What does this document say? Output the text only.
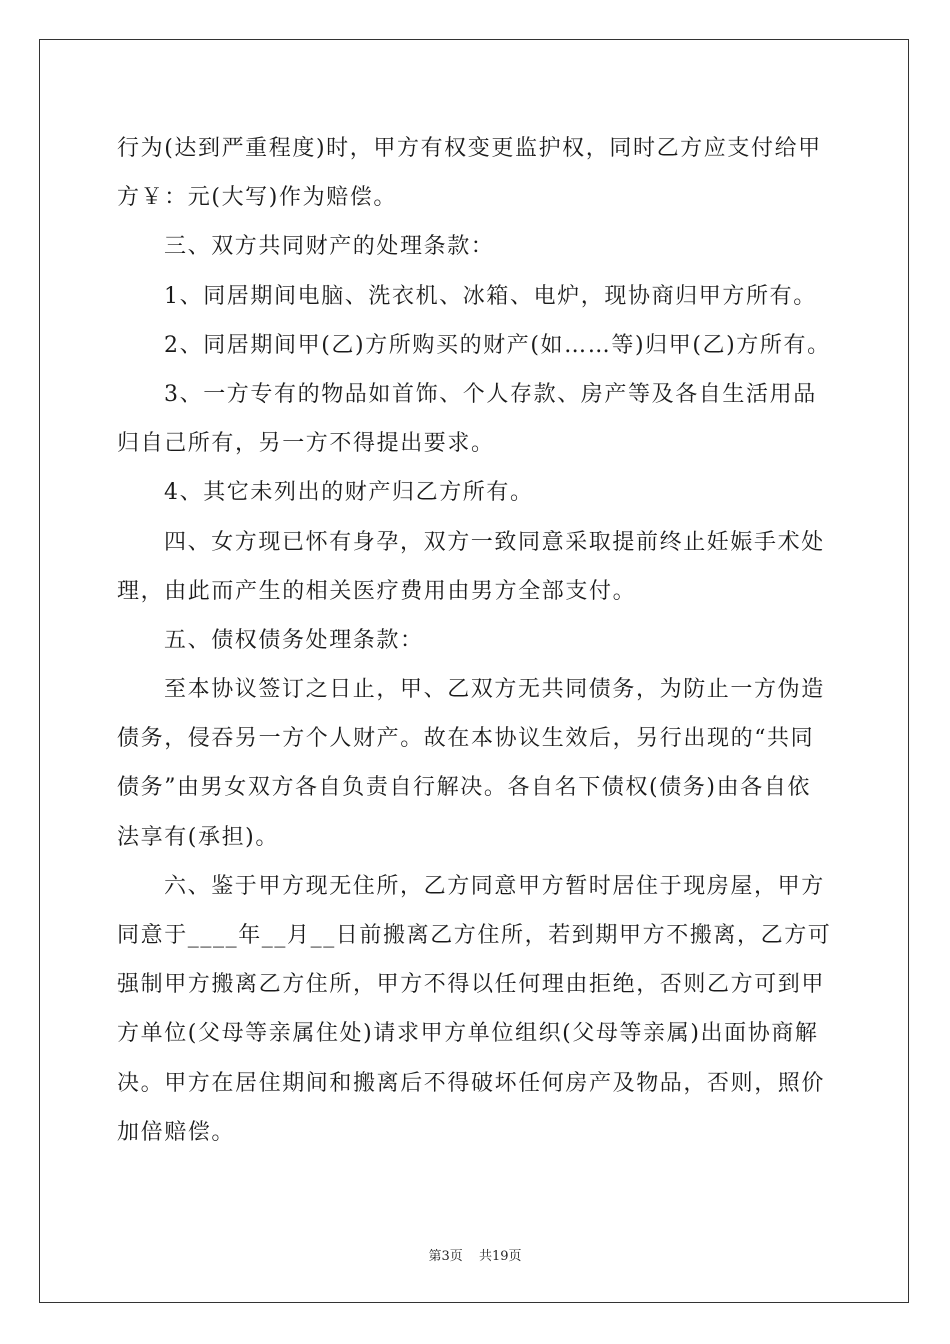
行为(达到严重程度)时，甲方有权变更监护权，同时乙方应支付给甲
方￥：元(大写)作为赔偿。
三、双方共同财产的处理条款：
1、同居期间电脑、洗衣机、冰箱、电炉，现协商归甲方所有。
2、同居期间甲(乙)方所购买的财产(如……等)归甲(乙)方所有。
3、一方专有的物品如首饰、个人存款、房产等及各自生活用品
归自己所有，另一方不得提出要求。
4、其它未列出的财产归乙方所有。
四、女方现已怀有身孕，双方一致同意采取提前终止妊娠手术处
理，由此而产生的相关医疗费用由男方全部支付。
五、债权债务处理条款：
至本协议签订之日止，甲、乙双方无共同债务，为防止一方伪造
债务，侵吞另一方个人财产。故在本协议生效后，另行出现的“共同
债务”由男女双方各自负责自行解决。各自名下债权(债务)由各自依
法享有(承担)。
六、鉴于甲方现无住所，乙方同意甲方暂时居住于现房屋，甲方
同意于____年__月__日前搬离乙方住所，若到期甲方不搬离，乙方可
强制甲方搬离乙方住所，甲方不得以任何理由拒绝，否则乙方可到甲
方单位(父母等亲属住处)请求甲方单位组织(父母等亲属)出面协商解
决。甲方在居住期间和搬离后不得破坏任何房产及物品，否则，照价
加倍赔偿。
第3页 共19页
